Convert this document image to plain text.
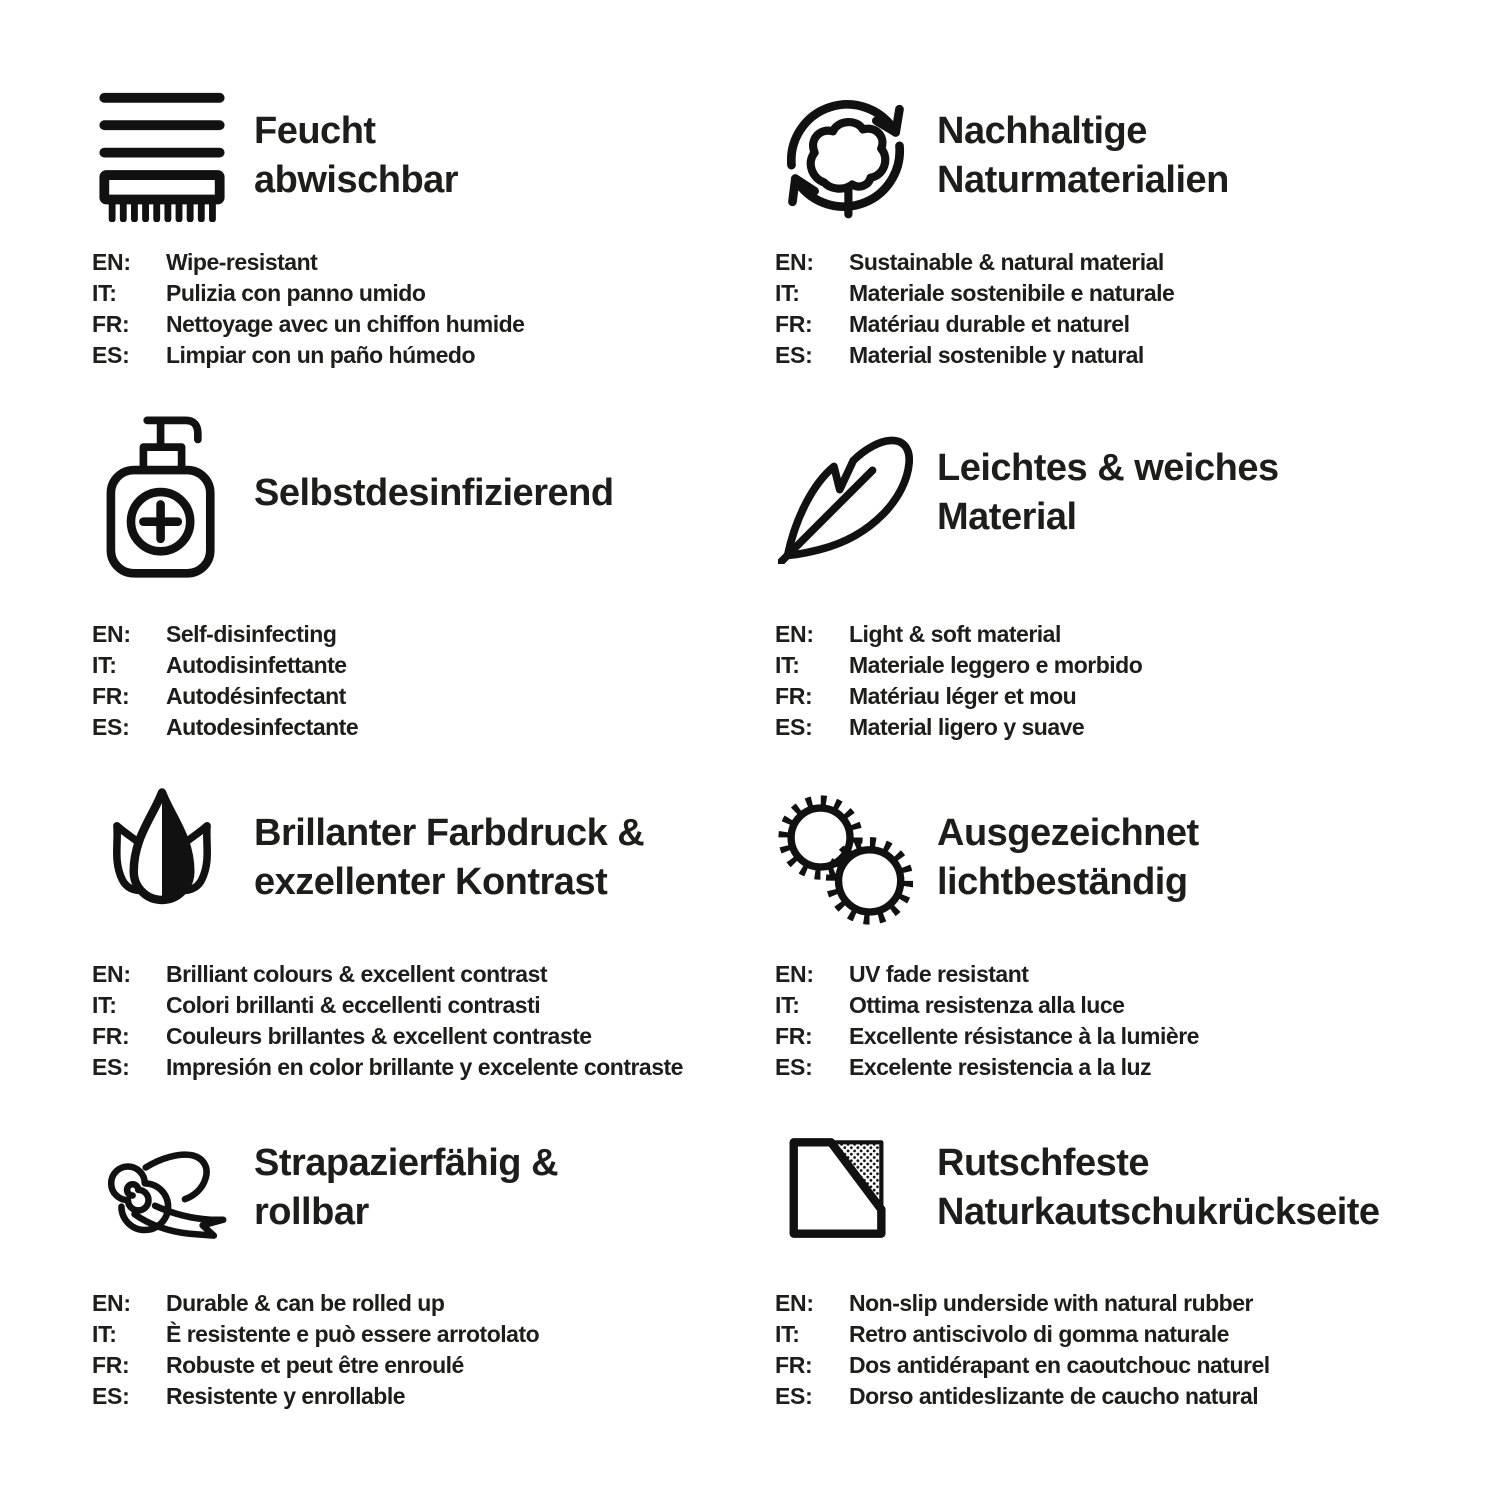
Feucht
abwischbar
EN:	Wipe-resistant
IT:	Pulizia con panno umido
FR:	Nettoyage avec un chiffon humide
ES:	Limpiar con un paño húmedo
Nachhaltige
Naturmaterialien
EN:	Sustainable & natural material
IT:	Materiale sostenibile e naturale
FR:	Matériau durable et naturel
ES:	Material sostenible y natural
Selbstdesinfizierend
EN:	Self-disinfecting
IT:	Autodisinfettante
FR:	Autodésinfectant
ES:	Autodesinfectante
Leichtes & weiches
Material
EN:	Light & soft material
IT:	Materiale leggero e morbido
FR:	Matériau léger et mou
ES:	Material ligero y suave
Brillanter Farbdruck &
exzellenter Kontrast
EN:	Brilliant colours & excellent contrast
IT:	Colori brillanti & eccellenti contrasti
FR:	Couleurs brillantes & excellent contraste
ES:	Impresión en color brillante y excelente contraste
Ausgezeichnet
lichtbeständig
EN:	UV fade resistant
IT:	Ottima resistenza alla luce
FR:	Excellente résistance à la lumière
ES:	Excelente resistencia a la luz
Strapazierfähig &
rollbar
EN:	Durable & can be rolled up
IT:	È resistente e può essere arrotolato
FR:	Robuste et peut être enroulé
ES:	Resistente y enrollable
Rutschfeste
Naturkautschukrückseite
EN:	Non-slip underside with natural rubber
IT:	Retro antiscivolo di gomma naturale
FR:	Dos antidérapant en caoutchouc naturel
ES:	Dorso antideslizante de caucho natural
